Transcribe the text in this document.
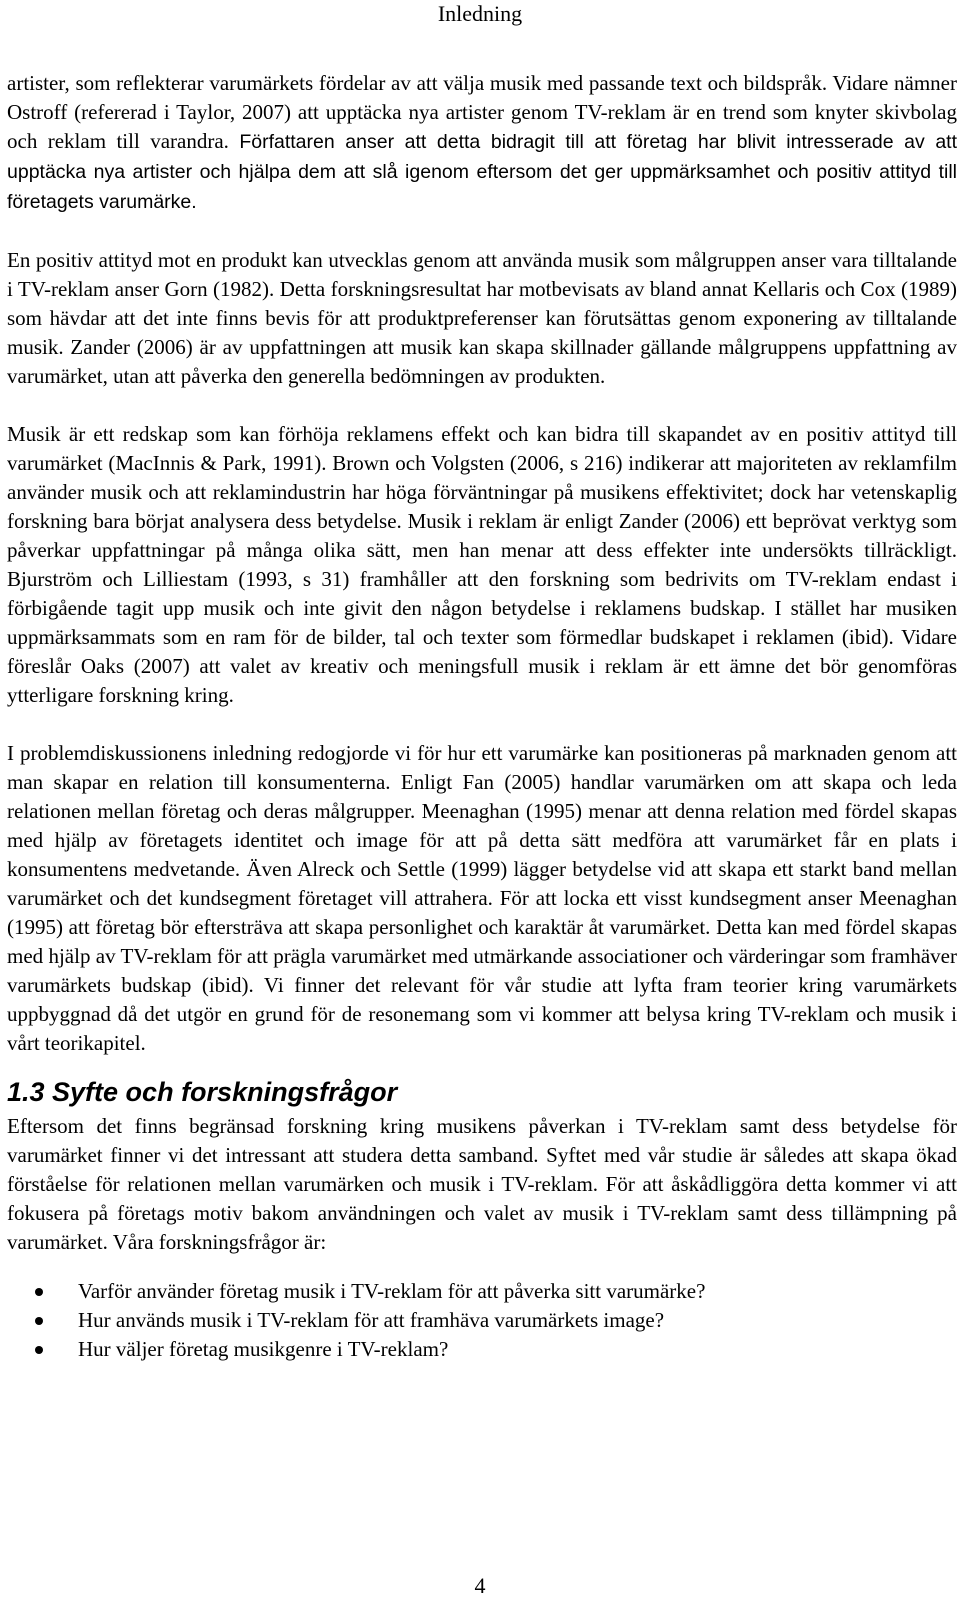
Inledning

artister, som reflekterar varumärkets fördelar av att välja musik med passande text och bildspråk. Vidare nämner Ostroff (refererad i Taylor, 2007) att upptäcka nya artister genom TV-reklam är en trend som knyter skivbolag och reklam till varandra. Författaren anser att detta bidragit till att företag har blivit intresserade av att upptäcka nya artister och hjälpa dem att slå igenom eftersom det ger uppmärksamhet och positiv attityd till företagets varumärke.

En positiv attityd mot en produkt kan utvecklas genom att använda musik som målgruppen anser vara tilltalande i TV-reklam anser Gorn (1982). Detta forskningsresultat har motbevisats av bland annat Kellaris och Cox (1989) som hävdar att det inte finns bevis för att produktpreferenser kan förutsättas genom exponering av tilltalande musik. Zander (2006) är av uppfattningen att musik kan skapa skillnader gällande målgruppens uppfattning av varumärket, utan att påverka den generella bedömningen av produkten.

Musik är ett redskap som kan förhöja reklamens effekt och kan bidra till skapandet av en positiv attityd till varumärket (MacInnis & Park, 1991). Brown och Volgsten (2006, s 216) indikerar att majoriteten av reklamfilm använder musik och att reklamindustrin har höga förväntningar på musikens effektivitet; dock har vetenskaplig forskning bara börjat analysera dess betydelse. Musik i reklam är enligt Zander (2006) ett beprövat verktyg som påverkar uppfattningar på många olika sätt, men han menar att dess effekter inte undersökts tillräckligt. Bjurström och Lilliestam (1993, s 31) framhåller att den forskning som bedrivits om TV-reklam endast i förbigående tagit upp musik och inte givit den någon betydelse i reklamens budskap. I stället har musiken uppmärksammats som en ram för de bilder, tal och texter som förmedlar budskapet i reklamen (ibid). Vidare föreslår Oaks (2007) att valet av kreativ och meningsfull musik i reklam är ett ämne det bör genomföras ytterligare forskning kring.

I problemdiskussionens inledning redogjorde vi för hur ett varumärke kan positioneras på marknaden genom att man skapar en relation till konsumenterna. Enligt Fan (2005) handlar varumärken om att skapa och leda relationen mellan företag och deras målgrupper. Meenaghan (1995) menar att denna relation med fördel skapas med hjälp av företagets identitet och image för att på detta sätt medföra att varumärket får en plats i konsumentens medvetande. Även Alreck och Settle (1999) lägger betydelse vid att skapa ett starkt band mellan varumärket och det kundsegment företaget vill attrahera. För att locka ett visst kundsegment anser Meenaghan (1995) att företag bör eftersträva att skapa personlighet och karaktär åt varumärket. Detta kan med fördel skapas med hjälp av TV-reklam för att prägla varumärket med utmärkande associationer och värderingar som framhäver varumärkets budskap (ibid). Vi finner det relevant för vår studie att lyfta fram teorier kring varumärkets uppbyggnad då det utgör en grund för de resonemang som vi kommer att belysa kring TV-reklam och musik i vårt teorikapitel.

1.3 Syfte och forskningsfrågor

Eftersom det finns begränsad forskning kring musikens påverkan i TV-reklam samt dess betydelse för varumärket finner vi det intressant att studera detta samband. Syftet med vår studie är således att skapa ökad förståelse för relationen mellan varumärken och musik i TV-reklam. För att åskådliggöra detta kommer vi att fokusera på företags motiv bakom användningen och valet av musik i TV-reklam samt dess tillämpning på varumärket. Våra forskningsfrågor är:

Varför använder företag musik i TV-reklam för att påverka sitt varumärke?
Hur används musik i TV-reklam för att framhäva varumärkets image?
Hur väljer företag musikgenre i TV-reklam?
4
